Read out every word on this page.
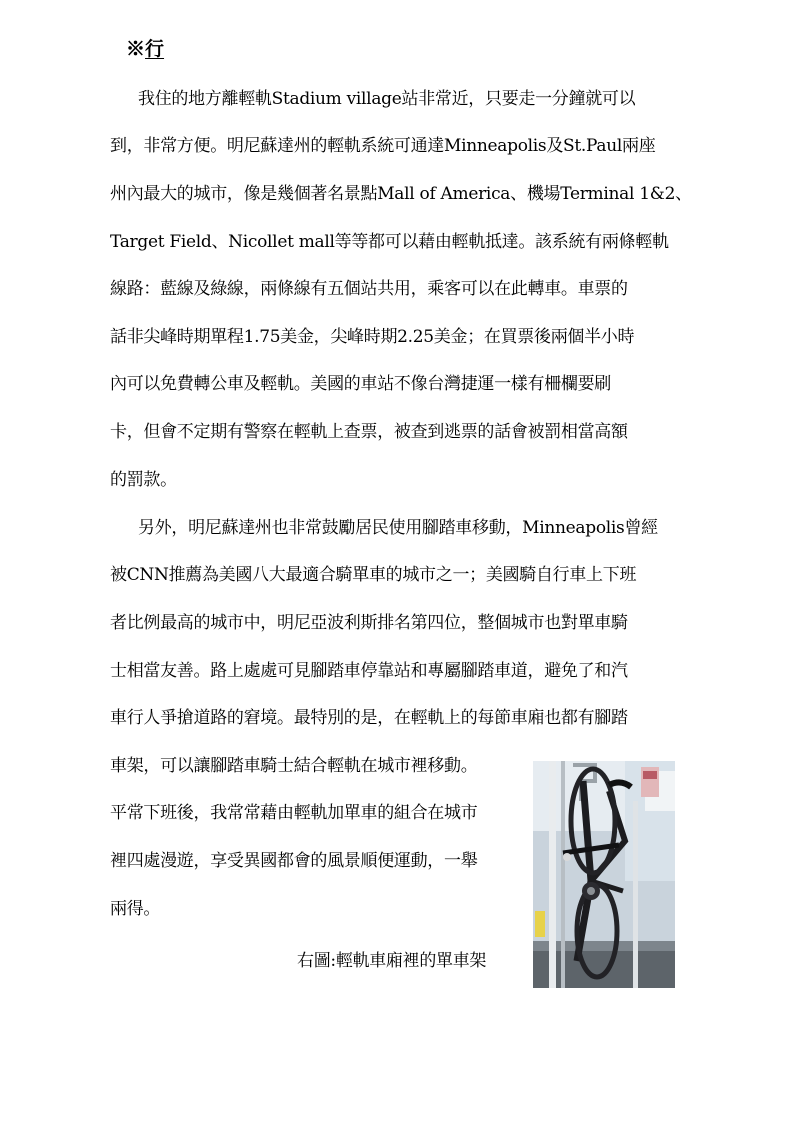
※行
我住的地方離輕軌Stadium village站非常近，只要走一分鐘就可以
到，非常方便。明尼蘇達州的輕軌系統可通達Minneapolis及St.Paul兩座
州內最大的城市，像是幾個著名景點Mall of America、機場Terminal 1&2、
Target Field、Nicollet mall等等都可以藉由輕軌抵達。該系統有兩條輕軌
線路：藍線及綠線，兩條線有五個站共用，乘客可以在此轉車。車票的
話非尖峰時期單程1.75美金，尖峰時期2.25美金；在買票後兩個半小時
內可以免費轉公車及輕軌。美國的車站不像台灣捷運一樣有柵欄要刷
卡，但會不定期有警察在輕軌上查票，被查到逃票的話會被罰相當高額
的罰款。
另外，明尼蘇達州也非常鼓勵居民使用腳踏車移動，Minneapolis曾經
被CNN推薦為美國八大最適合騎單車的城市之一；美國騎自行車上下班
者比例最高的城市中，明尼亞波利斯排名第四位，整個城市也對單車騎
士相當友善。路上處處可見腳踏車停靠站和專屬腳踏車道，避免了和汽
車行人爭搶道路的窘境。最特別的是，在輕軌上的每節車廂也都有腳踏
車架，可以讓腳踏車騎士結合輕軌在城市裡移動。
平常下班後，我常常藉由輕軌加單車的組合在城市
裡四處漫遊，享受異國都會的風景順便運動，一舉
兩得。
右圖:輕軌車廂裡的單車架
